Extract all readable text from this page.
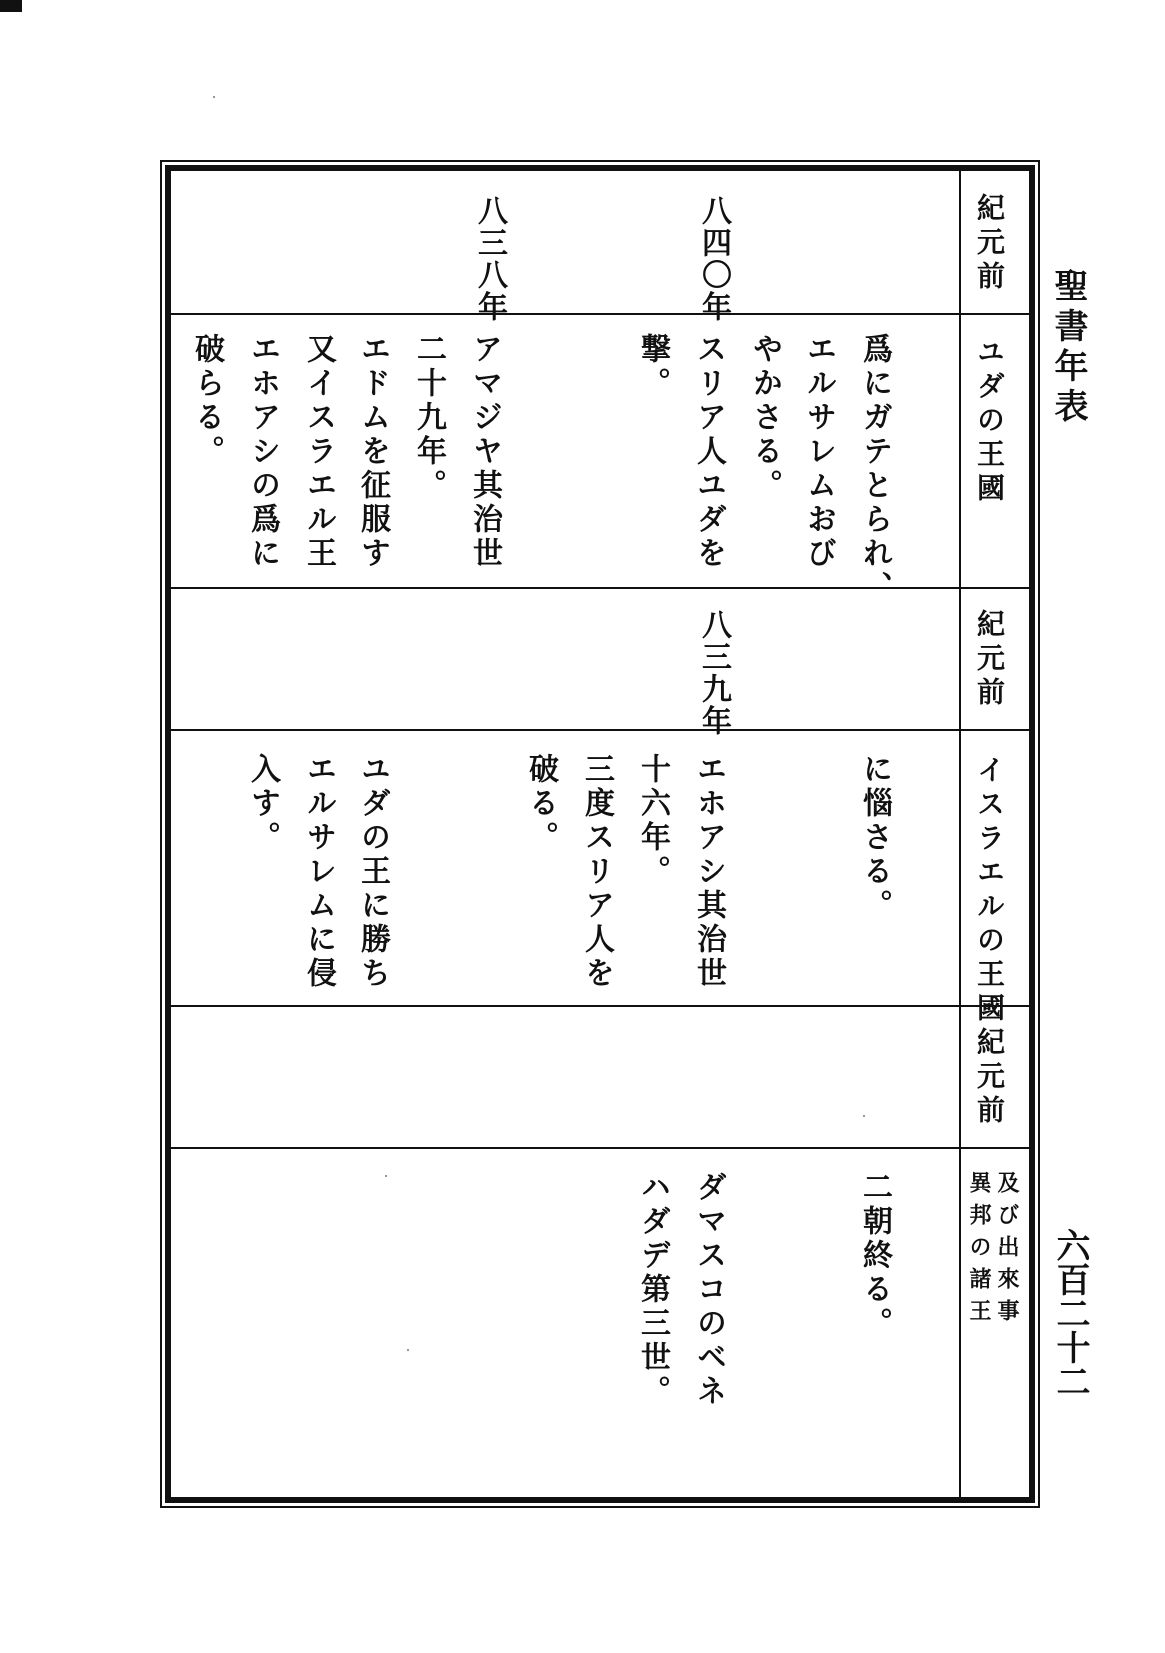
聖書年表
六百二十二
紀元前
ユダの王國
紀元前
イスラエルの王國
紀元前
異邦の諸王 及び出來事
八四〇年
八三八年
爲にガテとられ、
エルサレムおび
やかさる。
スリア人ユダを
撃。
アマジヤ其治世
二十九年。
エドムを征服す
又イスラエル王
エホアシの爲に
破らる。
八三九年
に惱さる。
エホアシ其治世
十六年。
三度スリア人を
破る。
ユダの王に勝ち
エルサレムに侵
入す。
二朝終る。
ダマスコのベネ
ハダデ第三世。
